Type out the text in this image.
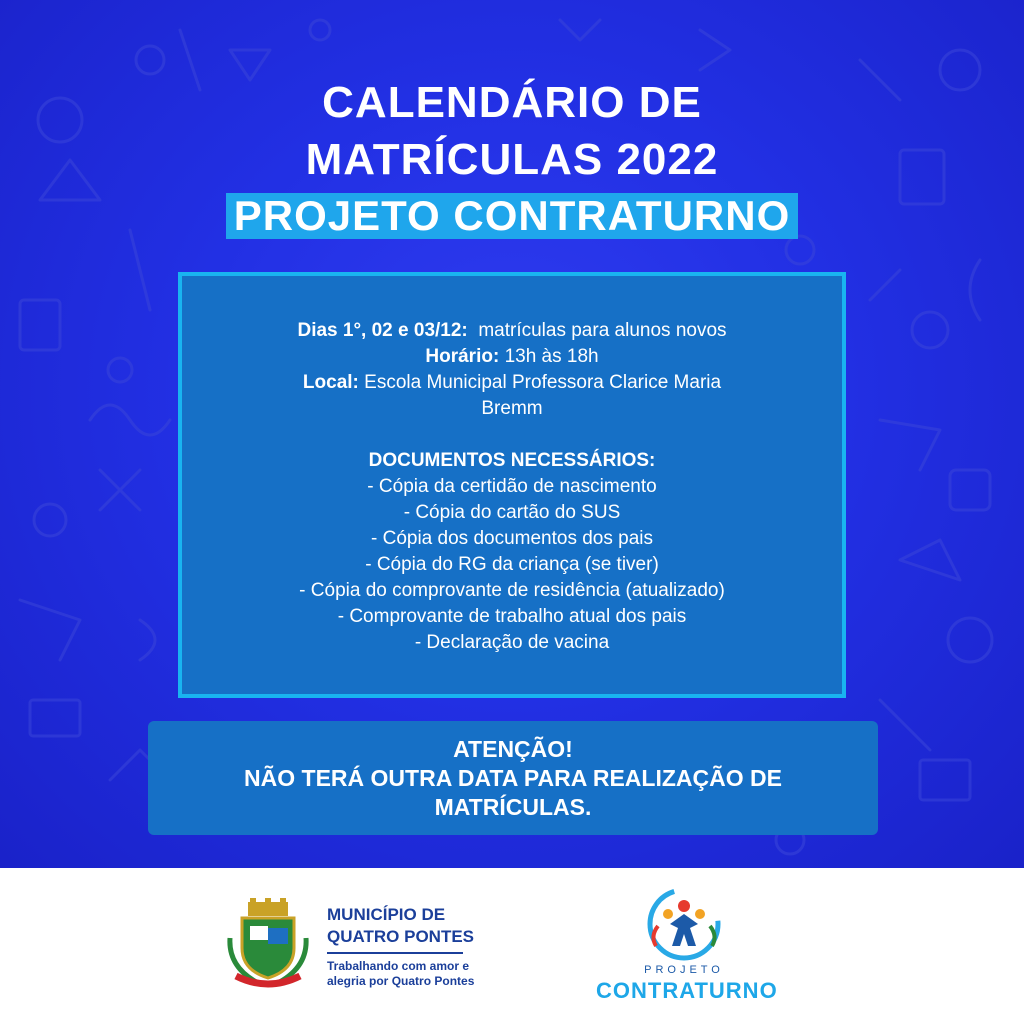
CALENDÁRIO DE
MATRÍCULAS 2022
PROJETO CONTRATURNO
Dias 1°, 02 e 03/12: matrículas para alunos novos
Horário: 13h às 18h
Local: Escola Municipal Professora Clarice Maria
Bremm
DOCUMENTOS NECESSÁRIOS:
- Cópia da certidão de nascimento
- Cópia do cartão do SUS
- Cópia dos documentos dos pais
- Cópia do RG da criança (se tiver)
- Cópia do comprovante de residência (atualizado)
- Comprovante de trabalho atual dos pais
- Declaração de vacina
ATENÇÃO!
NÃO TERÁ OUTRA DATA PARA REALIZAÇÃO DE
MATRÍCULAS.
MUNICÍPIO DE
QUATRO PONTES
Trabalhando com amor e
alegria por Quatro Pontes
PROJETO
CONTRATURNO
